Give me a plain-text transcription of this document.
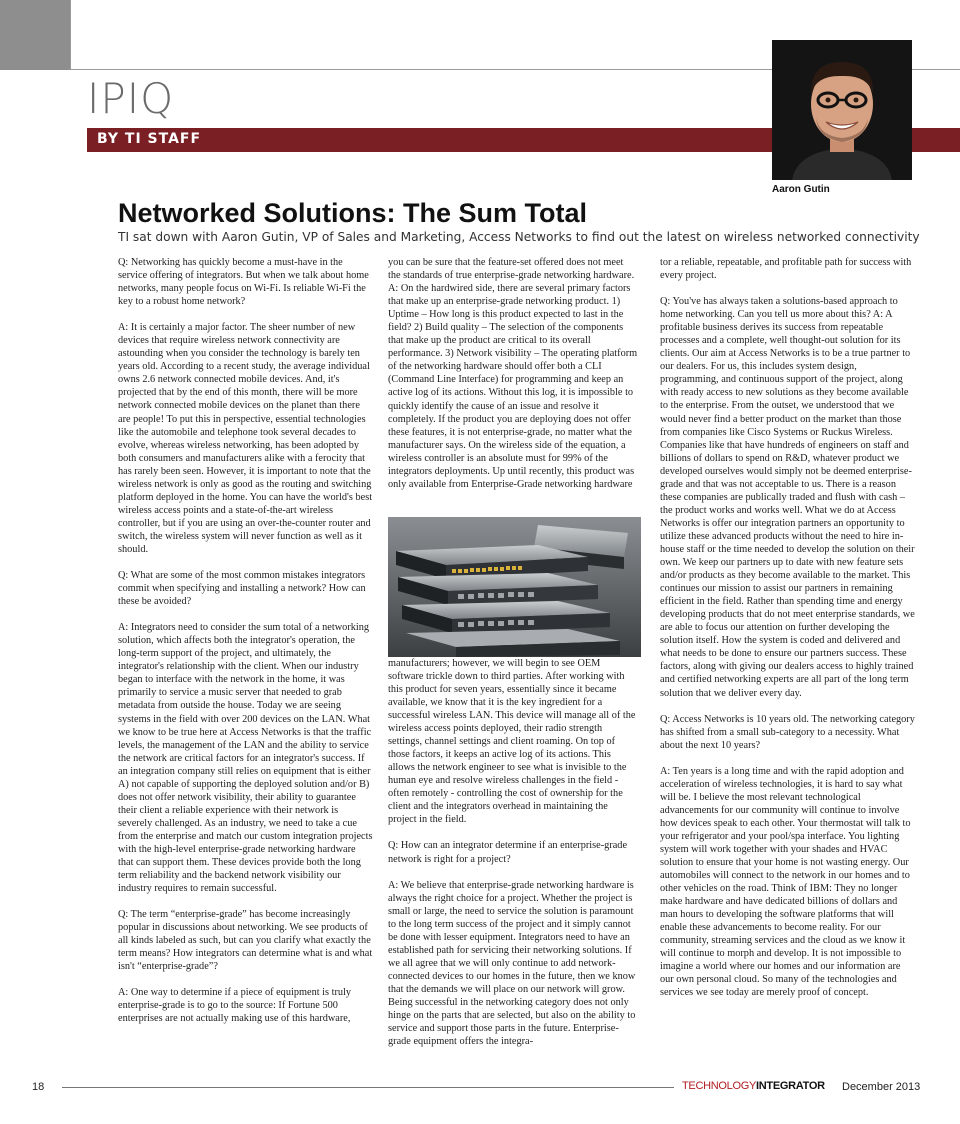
IPIQ
BY TI STAFF
Aaron Gutin
Networked Solutions: The Sum Total
TI sat down with Aaron Gutin, VP of Sales and Marketing, Access Networks to find out the latest on wireless networked connectivity

Q: Networking has quickly become a must-have in the service offering of integrators. But when we talk about home networks, many people focus on Wi-Fi. Is reliable Wi-Fi the key to a robust home network?

A: It is certainly a major factor. The sheer number of new devices that require wireless network connectivity are astounding when you consider the technology is barely ten years old. According to a recent study, the average individual owns 2.6 network connected mobile devices. And, it's projected that by the end of this month, there will be more network connected mobile devices on the planet than there are people! To put this in perspective, essential technologies like the automobile and telephone took several decades to evolve, whereas wireless networking, has been adopted by both consumers and manufacturers alike with a ferocity that has rarely been seen. However, it is important to note that the wireless network is only as good as the routing and switching platform deployed in the home. You can have the world's best wireless access points and a state-of-the-art wireless controller, but if you are using an over-the-counter router and switch, the wireless system will never function as well as it should.

Q: What are some of the most common mistakes integrators commit when specifying and installing a network? How can these be avoided?

A: Integrators need to consider the sum total of a networking solution, which affects both the integrator's operation, the long-term support of the project, and ultimately, the integrator's relationship with the client. When our industry began to interface with the network in the home, it was primarily to service a music server that needed to grab metadata from outside the house. Today we are seeing systems in the field with over 200 devices on the LAN. What we know to be true here at Access Networks is that the traffic levels, the management of the LAN and the ability to service the network are critical factors for an integrator's success. If an integration company still relies on equipment that is either A) not capable of supporting the deployed solution and/or B) does not offer network visibility, their ability to guarantee their client a reliable experience with their network is severely challenged. As an industry, we need to take a cue from the enterprise and match our custom integration projects with the high-level enterprise-grade networking hardware that can support them. These devices provide both the long term reliability and the backend network visibility our industry requires to remain successful.

Q: The term “enterprise-grade” has become increasingly popular in discussions about networking. We see products of all kinds labeled as such, but can you clarify what exactly the term means? How integrators can determine what is and what isn't “enterprise-grade”?

A: One way to determine if a piece of equipment is truly enterprise-grade is to go to the source: If Fortune 500 enterprises are not actually making use of this hardware,

you can be sure that the feature-set offered does not meet the standards of true enterprise-grade networking hardware. A: On the hardwired side, there are several primary factors that make up an enterprise-grade networking product. 1) Uptime – How long is this product expected to last in the field? 2) Build quality – The selection of the components that make up the product are critical to its overall performance. 3) Network visibility – The operating platform of the networking hardware should offer both a CLI (Command Line Interface) for programming and keep an active log of its actions. Without this log, it is impossible to quickly identify the cause of an issue and resolve it completely. If the product you are deploying does not offer these features, it is not enterprise-grade, no matter what the manufacturer says. On the wireless side of the equation, a wireless controller is an absolute must for 99% of the integrators deployments. Up until recently, this product was only available from Enterprise-Grade networking hardware

manufacturers; however, we will begin to see OEM software trickle down to third parties. After working with this product for seven years, essentially since it became available, we know that it is the key ingredient for a successful wireless LAN. This device will manage all of the wireless access points deployed, their radio strength settings, channel settings and client roaming. On top of those factors, it keeps an active log of its actions. This allows the network engineer to see what is invisible to the human eye and resolve wireless challenges in the field -often remotely - controlling the cost of ownership for the client and the integrators overhead in maintaining the project in the field.

Q: How can an integrator determine if an enterprise-grade network is right for a project?

A: We believe that enterprise-grade networking hardware is always the right choice for a project. Whether the project is small or large, the need to service the solution is paramount to the long term success of the project and it simply cannot be done with lesser equipment. Integrators need to have an established path for servicing their networking solutions. If we all agree that we will only continue to add network-connected devices to our homes in the future, then we know that the demands we will place on our network will grow. Being successful in the networking category does not only hinge on the parts that are selected, but also on the ability to service and support those parts in the future. Enterprise-grade equipment offers the integra-

tor a reliable, repeatable, and profitable path for success with every project.

Q: You've has always taken a solutions-based approach to home networking. Can you tell us more about this? A: A profitable business derives its success from repeatable processes and a complete, well thought-out solution for its clients. Our aim at Access Networks is to be a true partner to our dealers. For us, this includes system design, programming, and continuous support of the project, along with ready access to new solutions as they become available to the enterprise. From the outset, we understood that we would never find a better product on the market than those from companies like Cisco Systems or Ruckus Wireless. Companies like that have hundreds of engineers on staff and billions of dollars to spend on R&D, whatever product we developed ourselves would simply not be deemed enterprise-grade and that was not acceptable to us. There is a reason these companies are publically traded and flush with cash – the product works and works well. What we do at Access Networks is offer our integration partners an opportunity to utilize these advanced products without the need to hire in-house staff or the time needed to develop the solution on their own. We keep our partners up to date with new feature sets and/or products as they become available to the market. This continues our mission to assist our partners in remaining efficient in the field. Rather than spending time and energy developing products that do not meet enterprise standards, we are able to focus our attention on further developing the solution itself. How the system is coded and delivered and what needs to be done to ensure our partners success. These factors, along with giving our dealers access to highly trained and certified networking experts are all part of the long term solution that we deliver every day.

Q: Access Networks is 10 years old. The networking category has shifted from a small sub-category to a necessity. What about the next 10 years?

A: Ten years is a long time and with the rapid adoption and acceleration of wireless technologies, it is hard to say what will be. I believe the most relevant technological advancements for our community will continue to involve how devices speak to each other. Your thermostat will talk to your refrigerator and your pool/spa interface. You lighting system will work together with your shades and HVAC solution to ensure that your home is not wasting energy. Our automobiles will connect to the network in our homes and to other vehicles on the road. Think of IBM: They no longer make hardware and have dedicated billions of dollars and man hours to developing the software platforms that will enable these advancements to become reality. For our community, streaming services and the cloud as we know it will continue to morph and develop. It is not impossible to imagine a world where our homes and our information are our own personal cloud. So many of the technologies and services we see today are merely proof of concept.

18	TECHNOLOGYINTEGRATOR December 2013
